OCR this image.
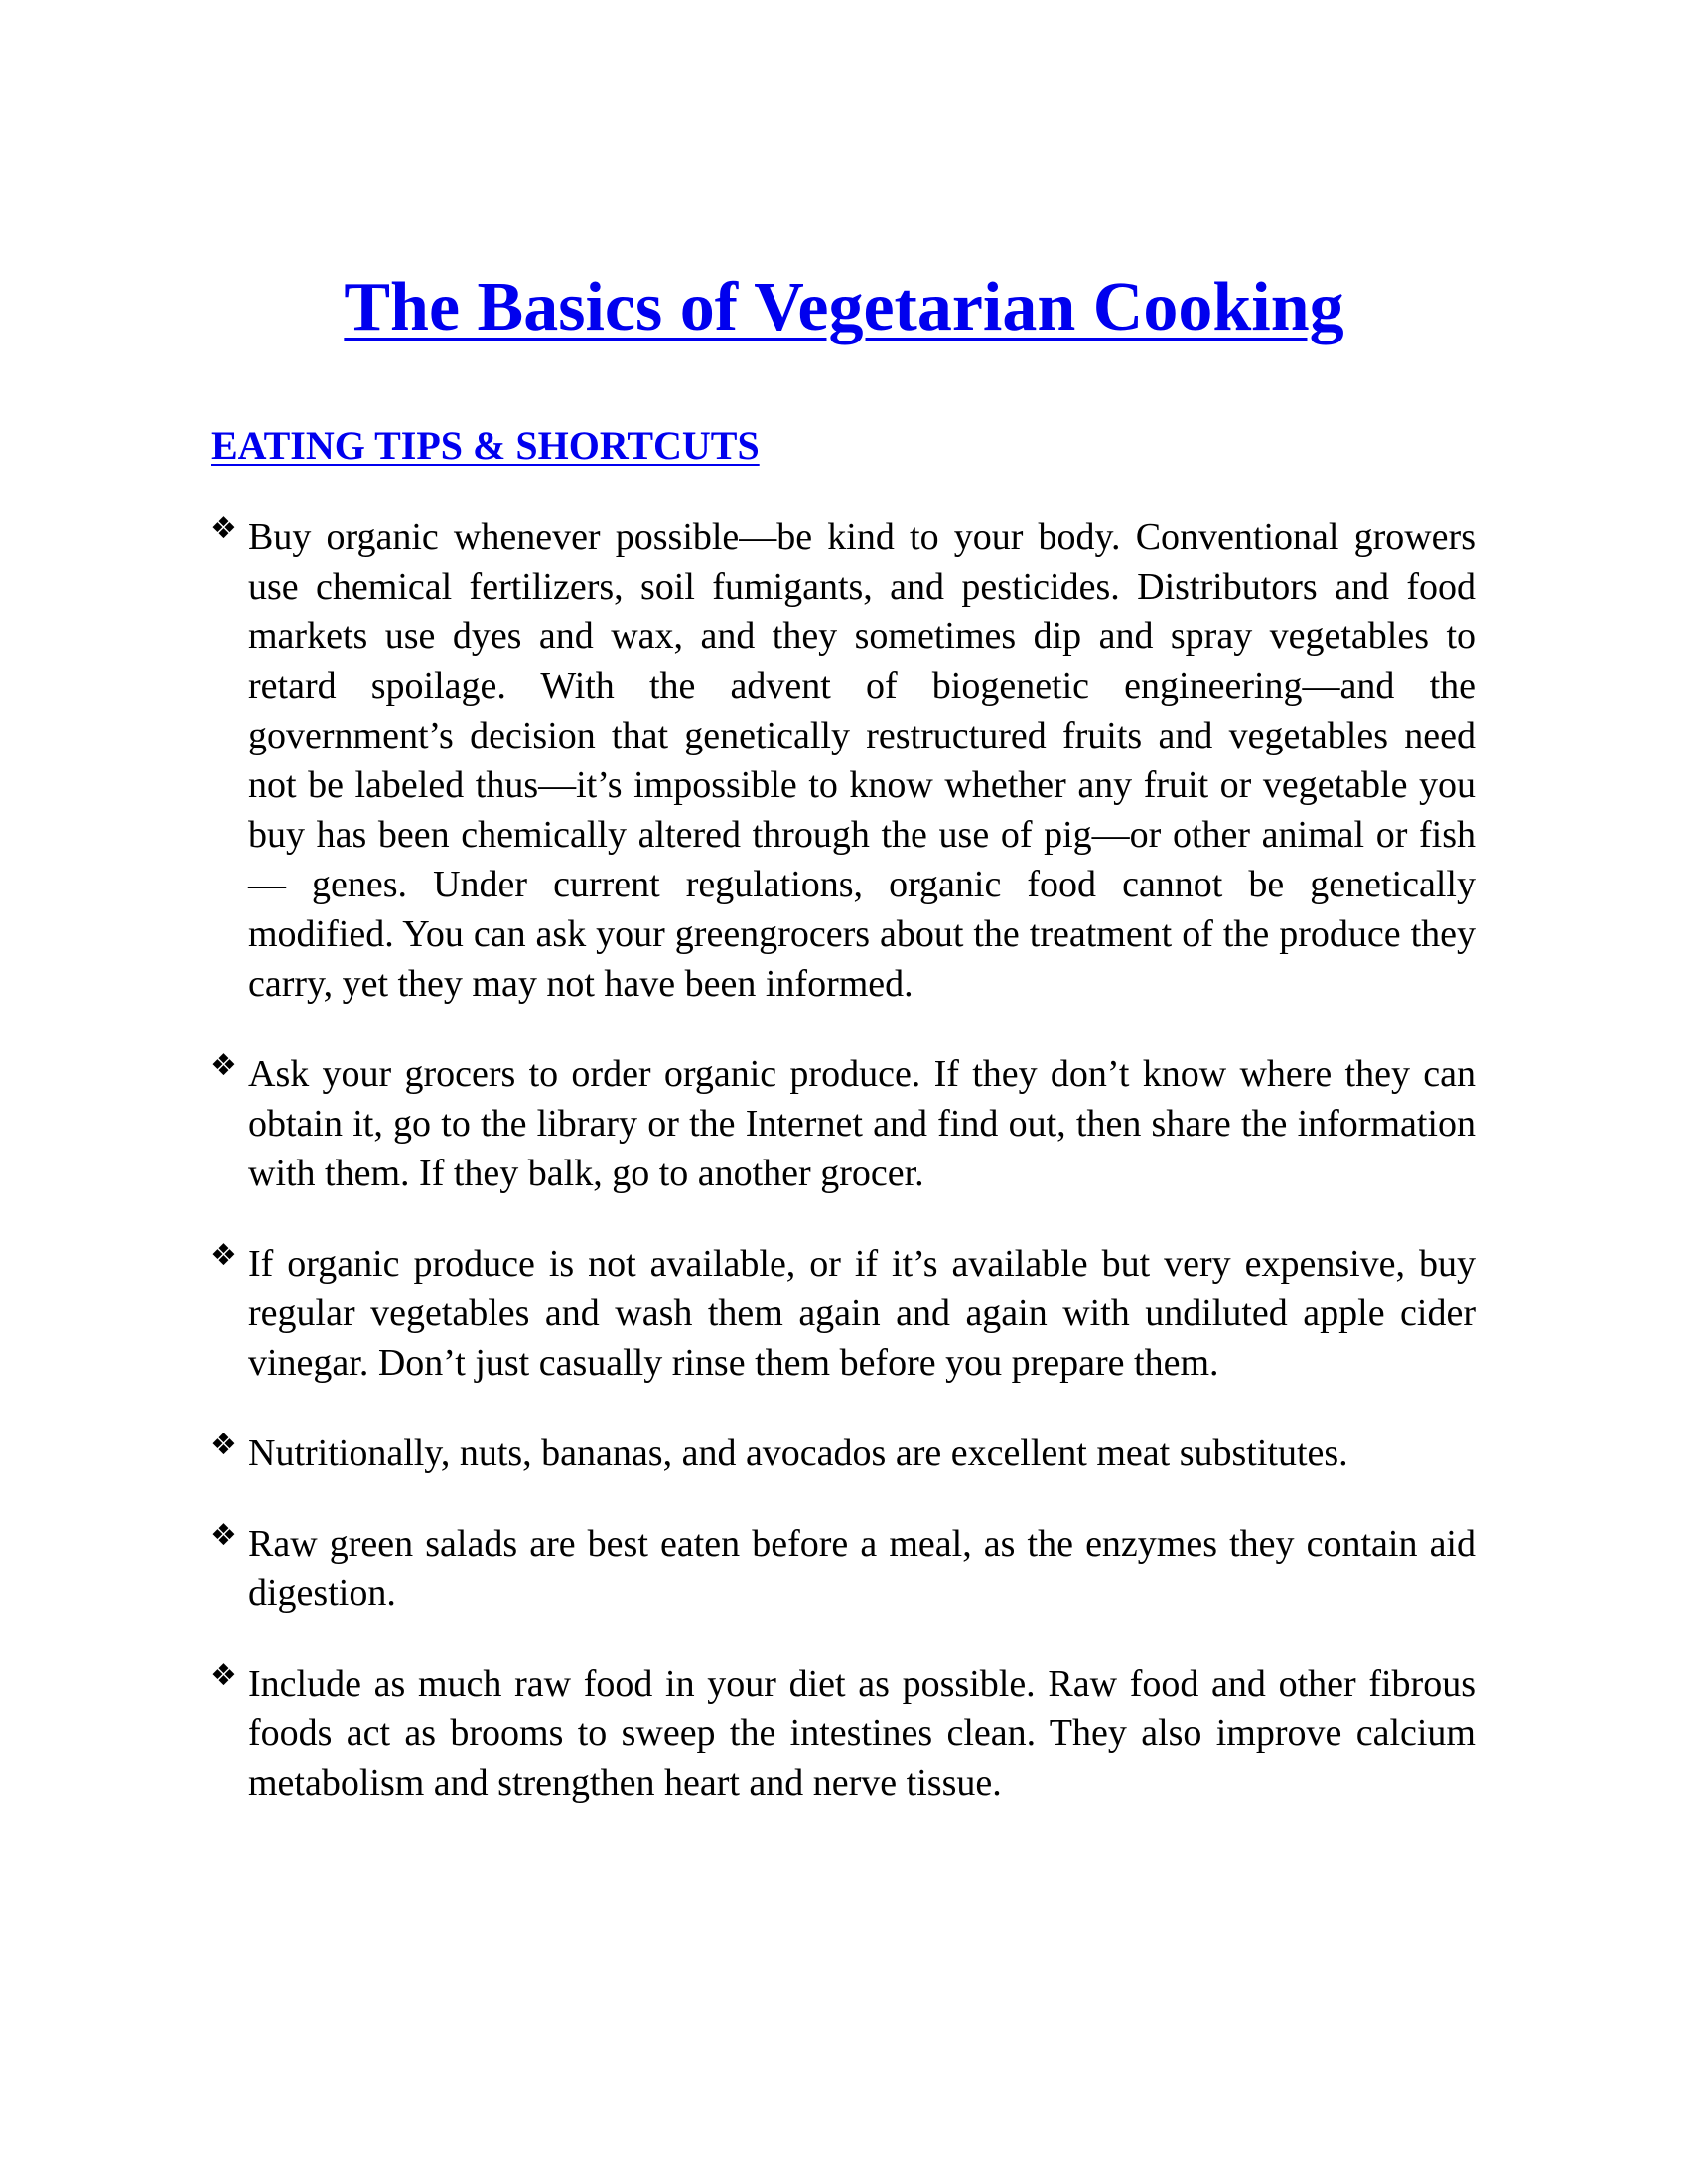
The Basics of Vegetarian Cooking
EATING TIPS & SHORTCUTS
❖ Buy organic whenever possible—be kind to your body. Conventional growers use chemical fertilizers, soil fumigants, and pesticides. Distributors and food markets use dyes and wax, and they sometimes dip and spray vegetables to retard spoilage. With the advent of biogenetic engineering—and the government’s decision that genetically restructured fruits and vegetables need not be labeled thus—it’s impossible to know whether any fruit or vegetable you buy has been chemically altered through the use of pig—or other animal or fish— genes. Under current regulations, organic food cannot be genetically modified. You can ask your greengrocers about the treatment of the produce they carry, yet they may not have been informed.
❖ Ask your grocers to order organic produce. If they don’t know where they can obtain it, go to the library or the Internet and find out, then share the information with them. If they balk, go to another grocer.
❖ If organic produce is not available, or if it’s available but very expensive, buy regular vegetables and wash them again and again with undiluted apple cider vinegar. Don’t just casually rinse them before you prepare them.
❖ Nutritionally, nuts, bananas, and avocados are excellent meat substitutes.
❖ Raw green salads are best eaten before a meal, as the enzymes they contain aid digestion.
❖ Include as much raw food in your diet as possible. Raw food and other fibrous foods act as brooms to sweep the intestines clean. They also improve calcium metabolism and strengthen heart and nerve tissue.
